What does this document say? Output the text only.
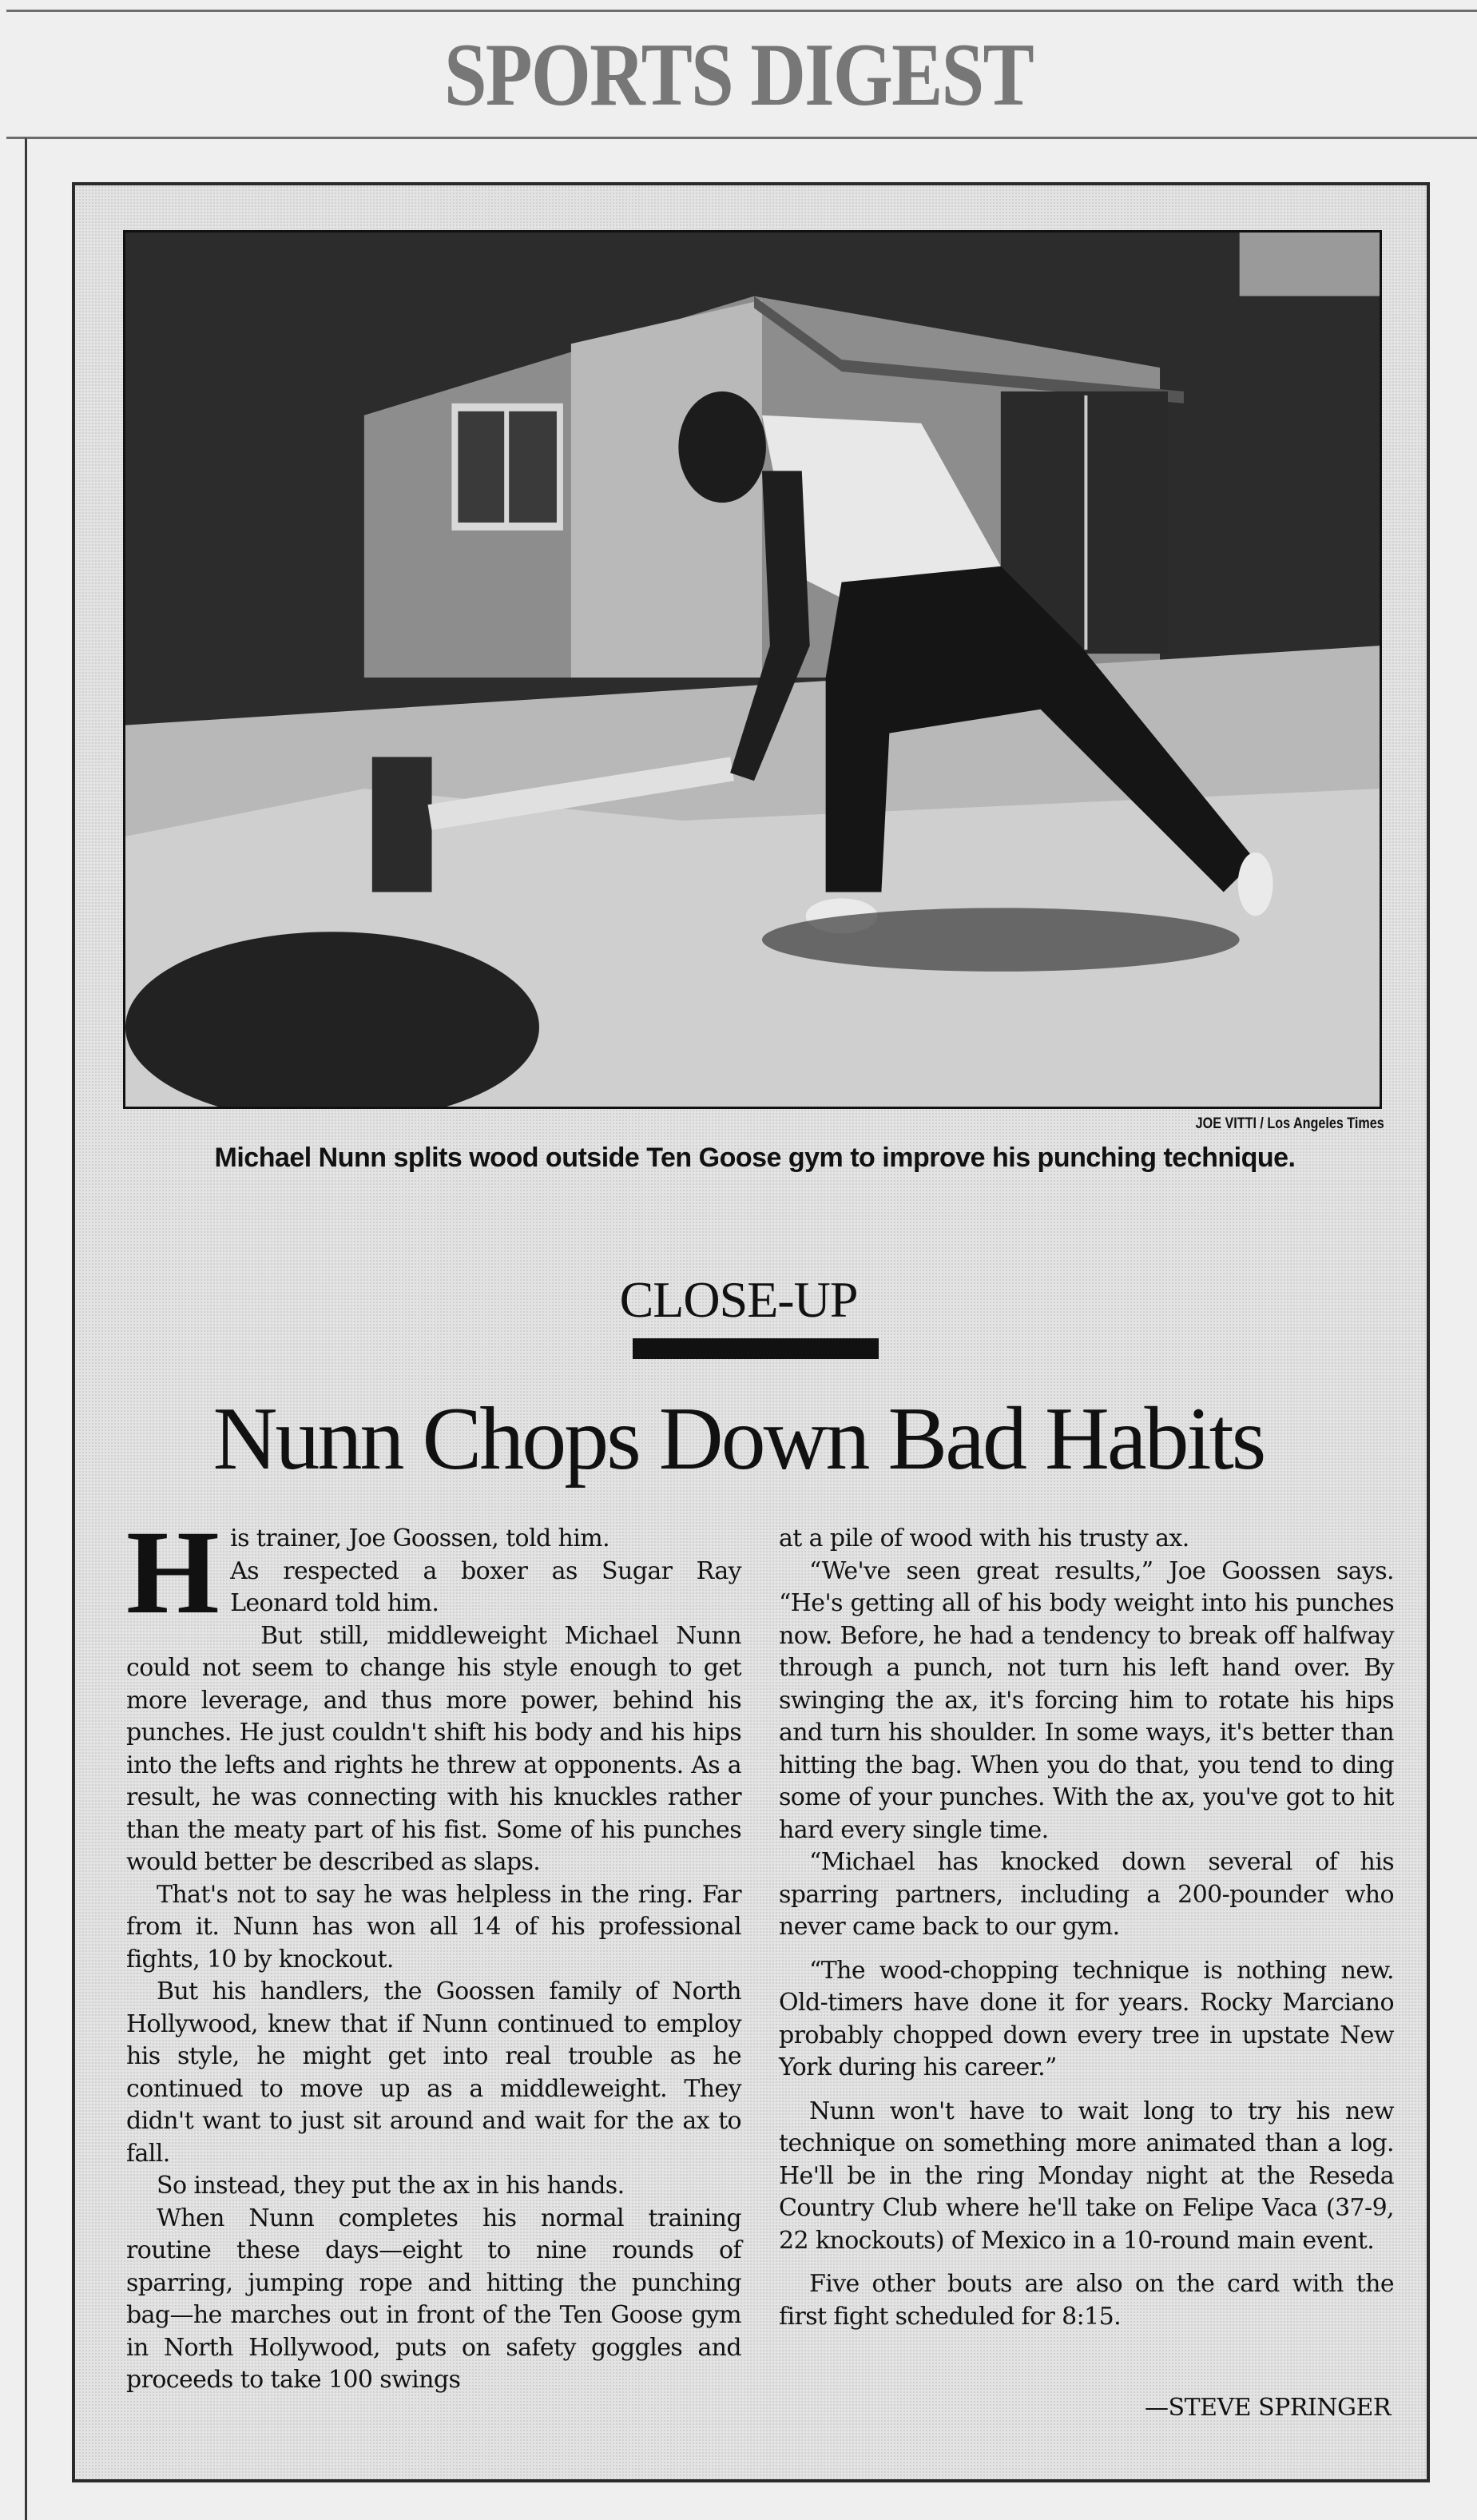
SPORTS DIGEST
JOE VITTI / Los Angeles Times
Michael Nunn splits wood outside Ten Goose gym to improve his punching technique.
CLOSE-UP
Nunn Chops Down Bad Habits

His trainer, Joe Goossen, told him.

As respected a boxer as Sugar Ray Leonard told him.

But still, middleweight Michael Nunn could not seem to change his style enough to get more leverage, and thus more power, behind his punches. He just couldn't shift his body and his hips into the lefts and rights he threw at opponents. As a result, he was connecting with his knuckles rather than the meaty part of his fist. Some of his punches would better be described as slaps.

That's not to say he was helpless in the ring. Far from it. Nunn has won all 14 of his professional fights, 10 by knockout.

But his handlers, the Goossen family of North Hollywood, knew that if Nunn continued to employ his style, he might get into real trouble as he continued to move up as a middleweight. They didn't want to just sit around and wait for the ax to fall.

So instead, they put the ax in his hands.

When Nunn completes his normal training routine these days—eight to nine rounds of sparring, jumping rope and hitting the punching bag—he marches out in front of the Ten Goose gym in North Hollywood, puts on safety goggles and proceeds to take 100 swings

at a pile of wood with his trusty ax.

“We've seen great results,” Joe Goossen says. “He's getting all of his body weight into his punches now. Before, he had a tendency to break off halfway through a punch, not turn his left hand over. By swinging the ax, it's forcing him to rotate his hips and turn his shoulder. In some ways, it's better than hitting the bag. When you do that, you tend to ding some of your punches. With the ax, you've got to hit hard every single time.

“Michael has knocked down several of his sparring partners, including a 200-pounder who never came back to our gym.

“The wood-chopping technique is nothing new. Old-timers have done it for years. Rocky Marciano probably chopped down every tree in upstate New York during his career.”

Nunn won't have to wait long to try his new technique on something more animated than a log. He'll be in the ring Monday night at the Reseda Country Club where he'll take on Felipe Vaca (37-9, 22 knockouts) of Mexico in a 10-round main event.

Five other bouts are also on the card with the first fight scheduled for 8:15.

—STEVE SPRINGER
